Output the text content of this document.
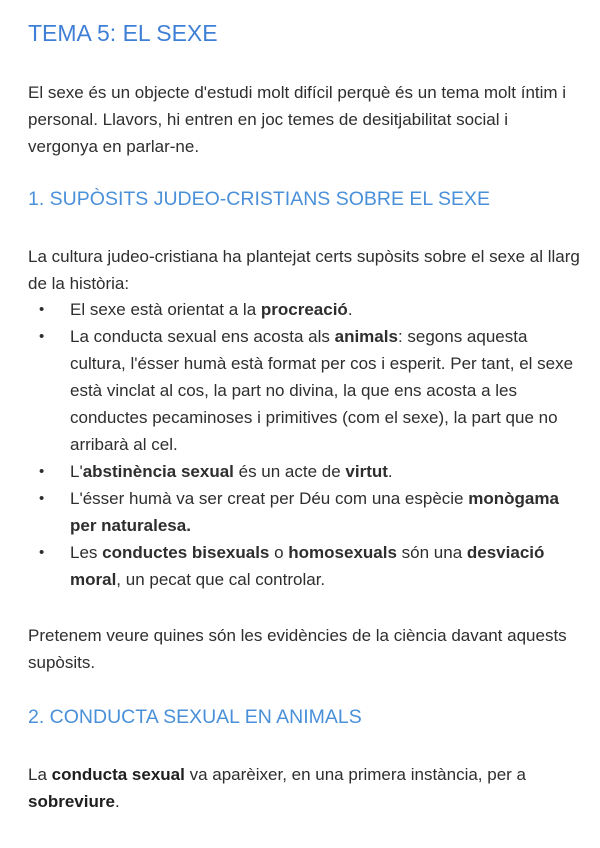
TEMA 5: EL SEXE

El sexe és un objecte d'estudi molt difícil perquè és un tema molt íntim i personal. Llavors, hi entren en joc temes de desitjabilitat social i vergonya en parlar-ne.

1. SUPÒSITS JUDEO-CRISTIANS SOBRE EL SEXE

La cultura judeo-cristiana ha plantejat certs supòsits sobre el sexe al llarg de la història:

• El sexe està orientat a la procreació.
• La conducta sexual ens acosta als animals: segons aquesta cultura, l'ésser humà està format per cos i esperit. Per tant, el sexe està vinclat al cos, la part no divina, la que ens acosta a les conductes pecaminoses i primitives (com el sexe), la part que no arribarà al cel.
• L'abstinència sexual és un acte de virtut.
• L'ésser humà va ser creat per Déu com una espècie monògama per naturalesa.
• Les conductes bisexuals o homosexuals són una desviació moral, un pecat que cal controlar.

Pretenem veure quines són les evidències de la ciència davant aquests supòsits.

2. CONDUCTA SEXUAL EN ANIMALS

La conducta sexual va aparèixer, en una primera instància, per a sobreviure.
